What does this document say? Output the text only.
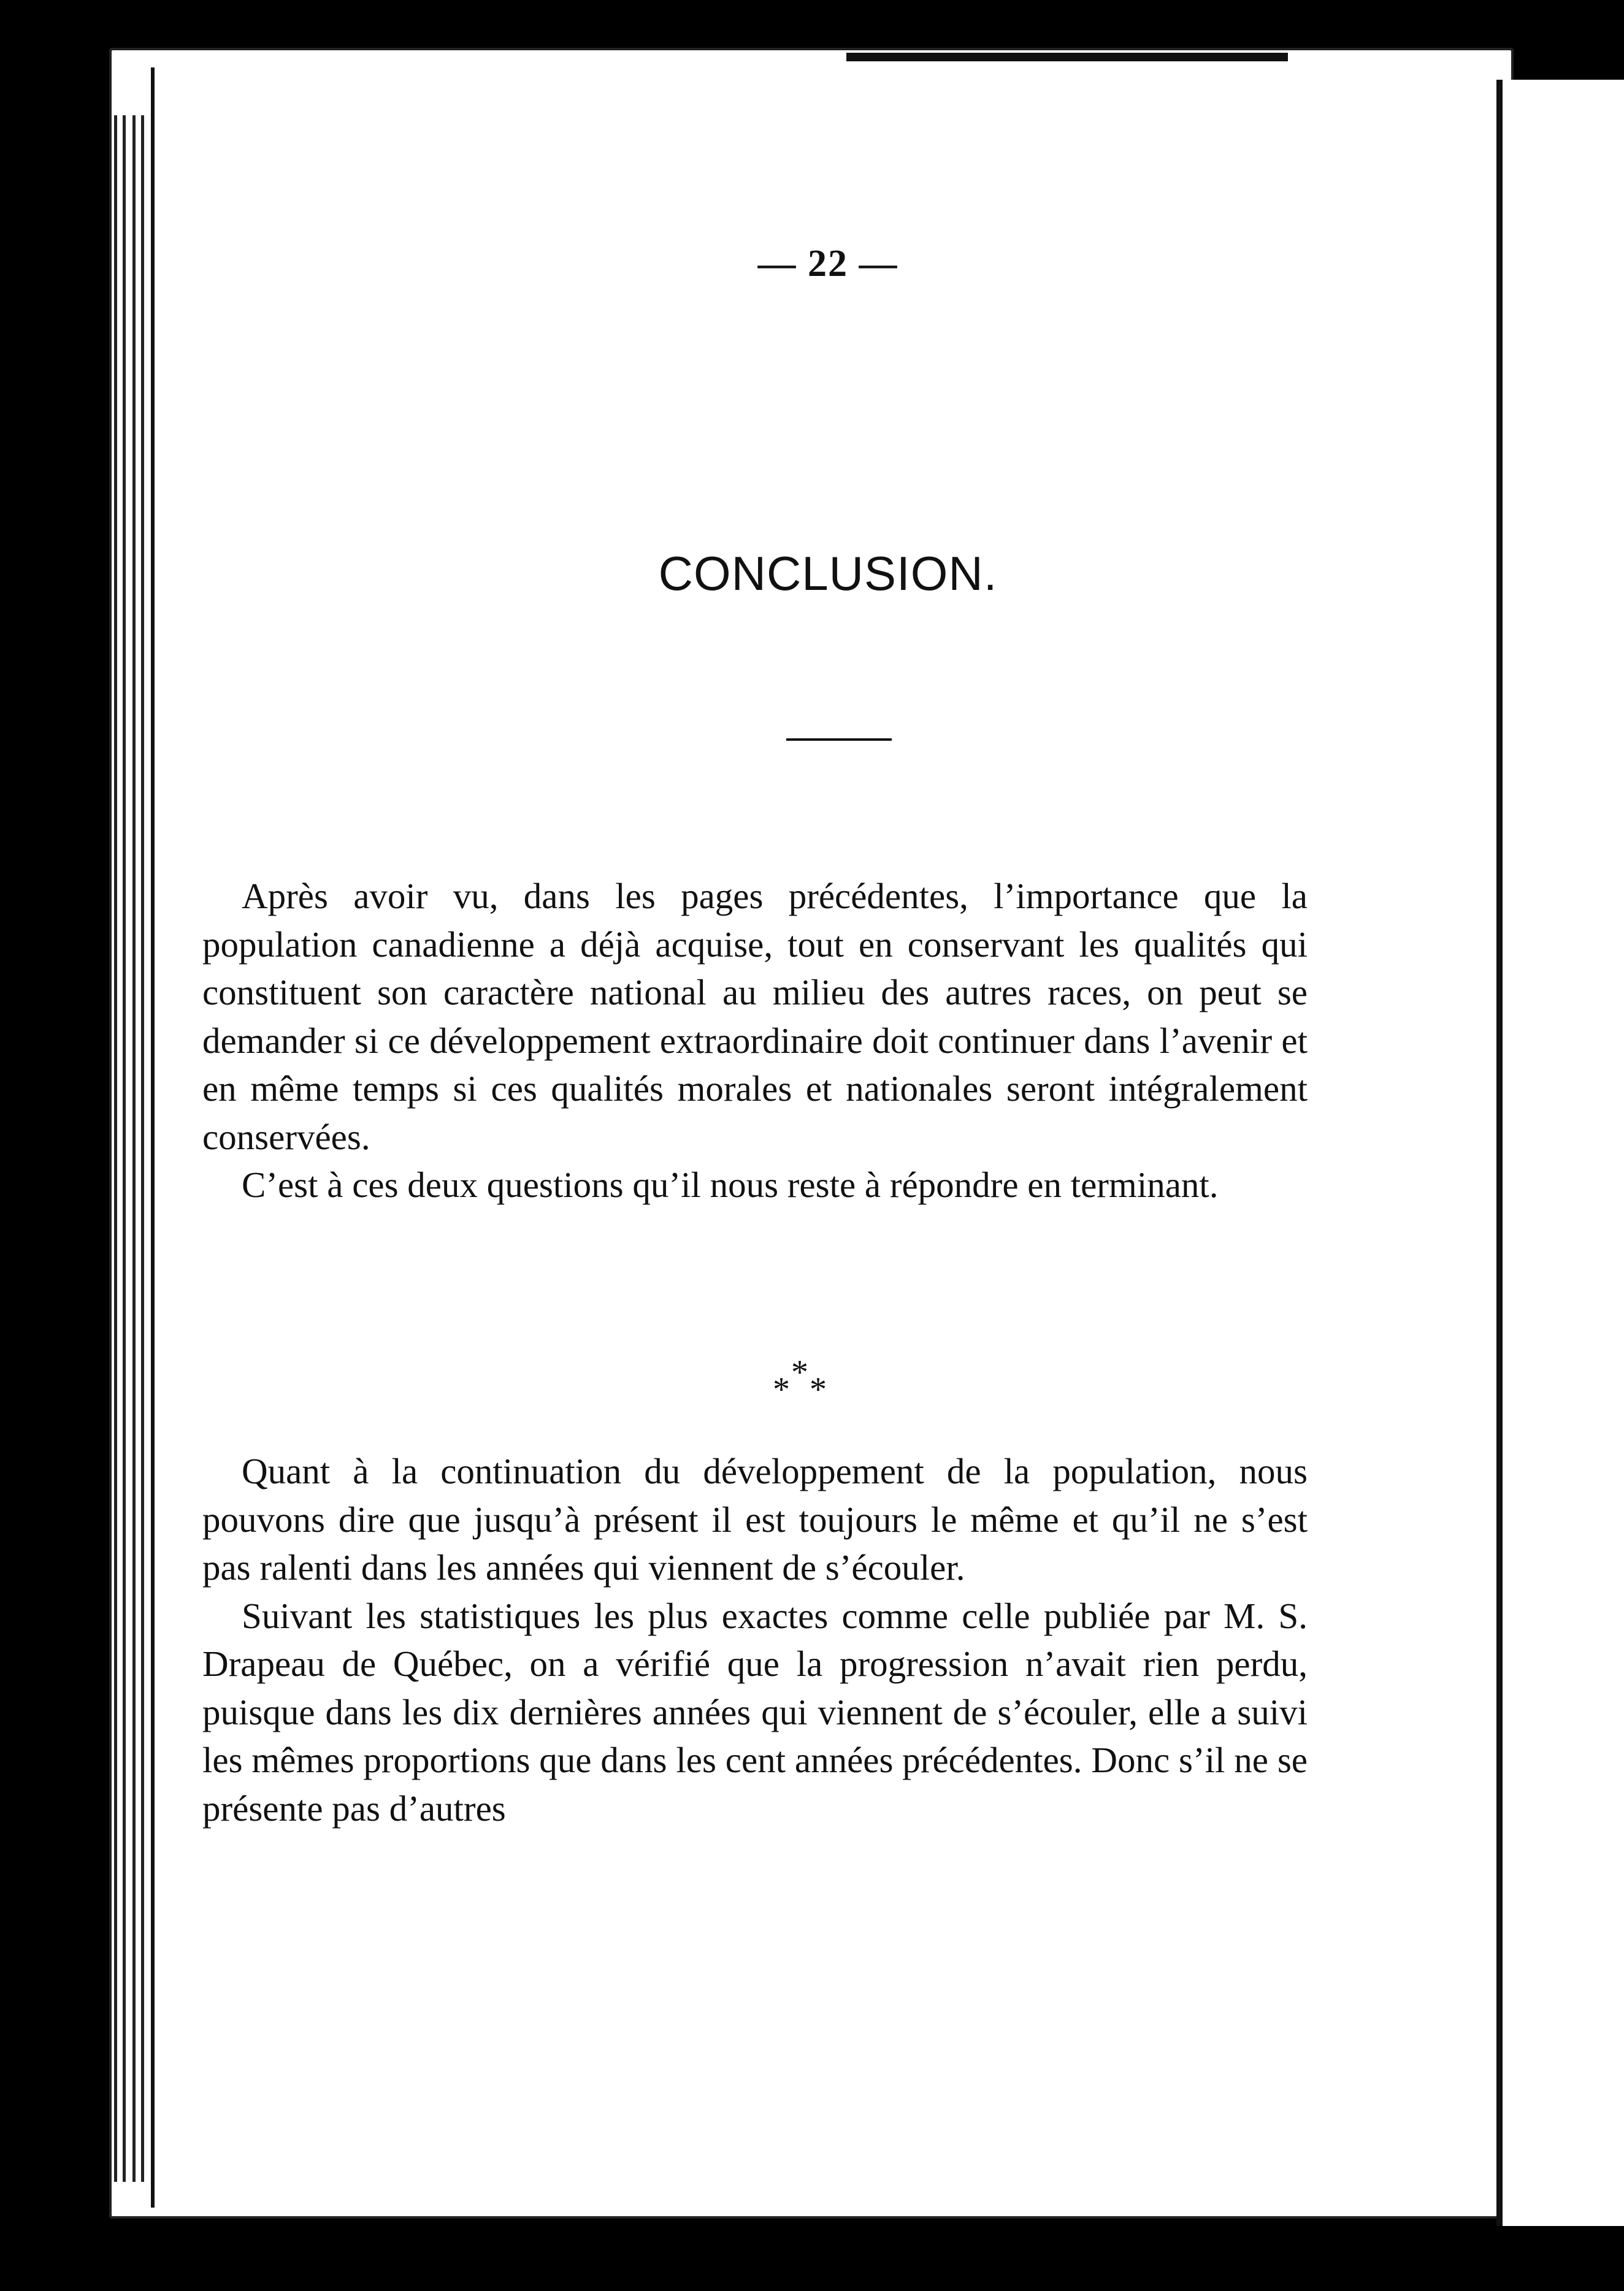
— 22 —
CONCLUSION.

Après avoir vu, dans les pages précédentes, l’importance que la population canadienne a déjà acquise, tout en conservant les qualités qui constituent son caractère national au milieu des autres races, on peut se demander si ce développement extraordinaire doit continuer dans l’avenir et en même temps si ces qualités morales et nationales seront intégralement conservées.

C’est à ces deux questions qu’il nous reste à répondre en terminant.

*
* *

Quant à la continuation du développement de la population, nous pouvons dire que jusqu’à présent il est toujours le même et qu’il ne s’est pas ralenti dans les années qui viennent de s’écouler.

Suivant les statistiques les plus exactes comme celle publiée par M. S. Drapeau de Québec, on a vérifié que la progression n’avait rien perdu, puisque dans les dix dernières années qui viennent de s’écouler, elle a suivi les mêmes proportions que dans les cent années précédentes. Donc s’il ne se présente pas d’autres
